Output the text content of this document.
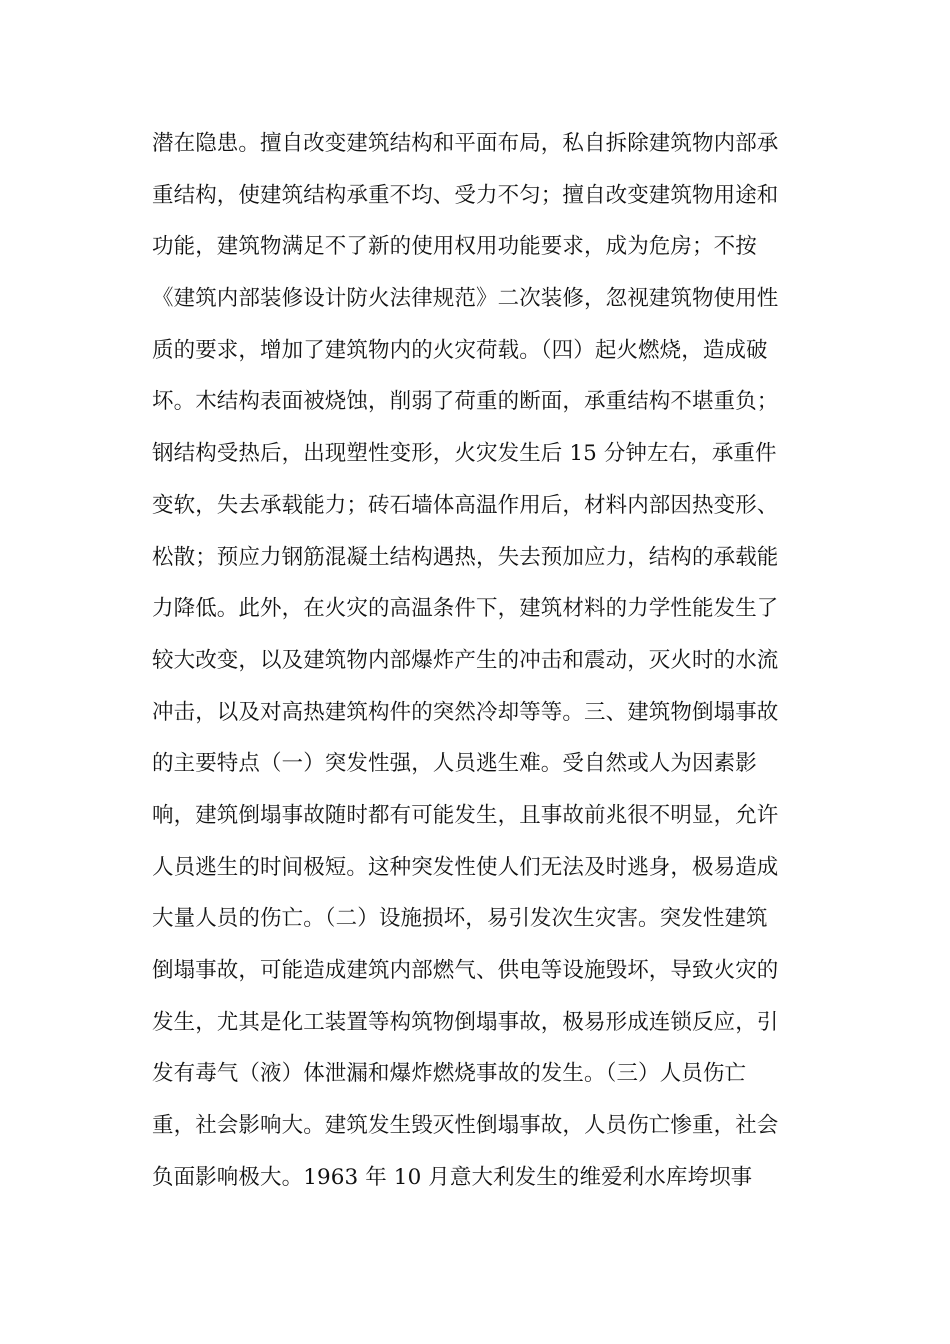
潜在隐患。擅自改变建筑结构和平面布局，私自拆除建筑物内部承
重结构，使建筑结构承重不均、受力不匀；擅自改变建筑物用途和
功能，建筑物满足不了新的使用权用功能要求，成为危房；不按
《建筑内部装修设计防火法律规范》二次装修，忽视建筑物使用性
质的要求，增加了建筑物内的火灾荷载。（四）起火燃烧，造成破
坏。木结构表面被烧蚀，削弱了荷重的断面，承重结构不堪重负；
钢结构受热后，出现塑性变形，火灾发生后 15 分钟左右，承重件
变软，失去承载能力；砖石墙体高温作用后，材料内部因热变形、
松散；预应力钢筋混凝土结构遇热，失去预加应力，结构的承载能
力降低。此外，在火灾的高温条件下，建筑材料的力学性能发生了
较大改变，以及建筑物内部爆炸产生的冲击和震动，灭火时的水流
冲击，以及对高热建筑构件的突然冷却等等。三、建筑物倒塌事故
的主要特点（一）突发性强，人员逃生难。受自然或人为因素影
响，建筑倒塌事故随时都有可能发生，且事故前兆很不明显，允许
人员逃生的时间极短。这种突发性使人们无法及时逃身，极易造成
大量人员的伤亡。（二）设施损坏，易引发次生灾害。突发性建筑
倒塌事故，可能造成建筑内部燃气、供电等设施毁坏，导致火灾的
发生，尤其是化工装置等构筑物倒塌事故，极易形成连锁反应，引
发有毒气（液）体泄漏和爆炸燃烧事故的发生。（三）人员伤亡
重，社会影响大。建筑发生毁灭性倒塌事故，人员伤亡惨重，社会
负面影响极大。1963 年 10 月意大利发生的维爱利水库垮坝事
